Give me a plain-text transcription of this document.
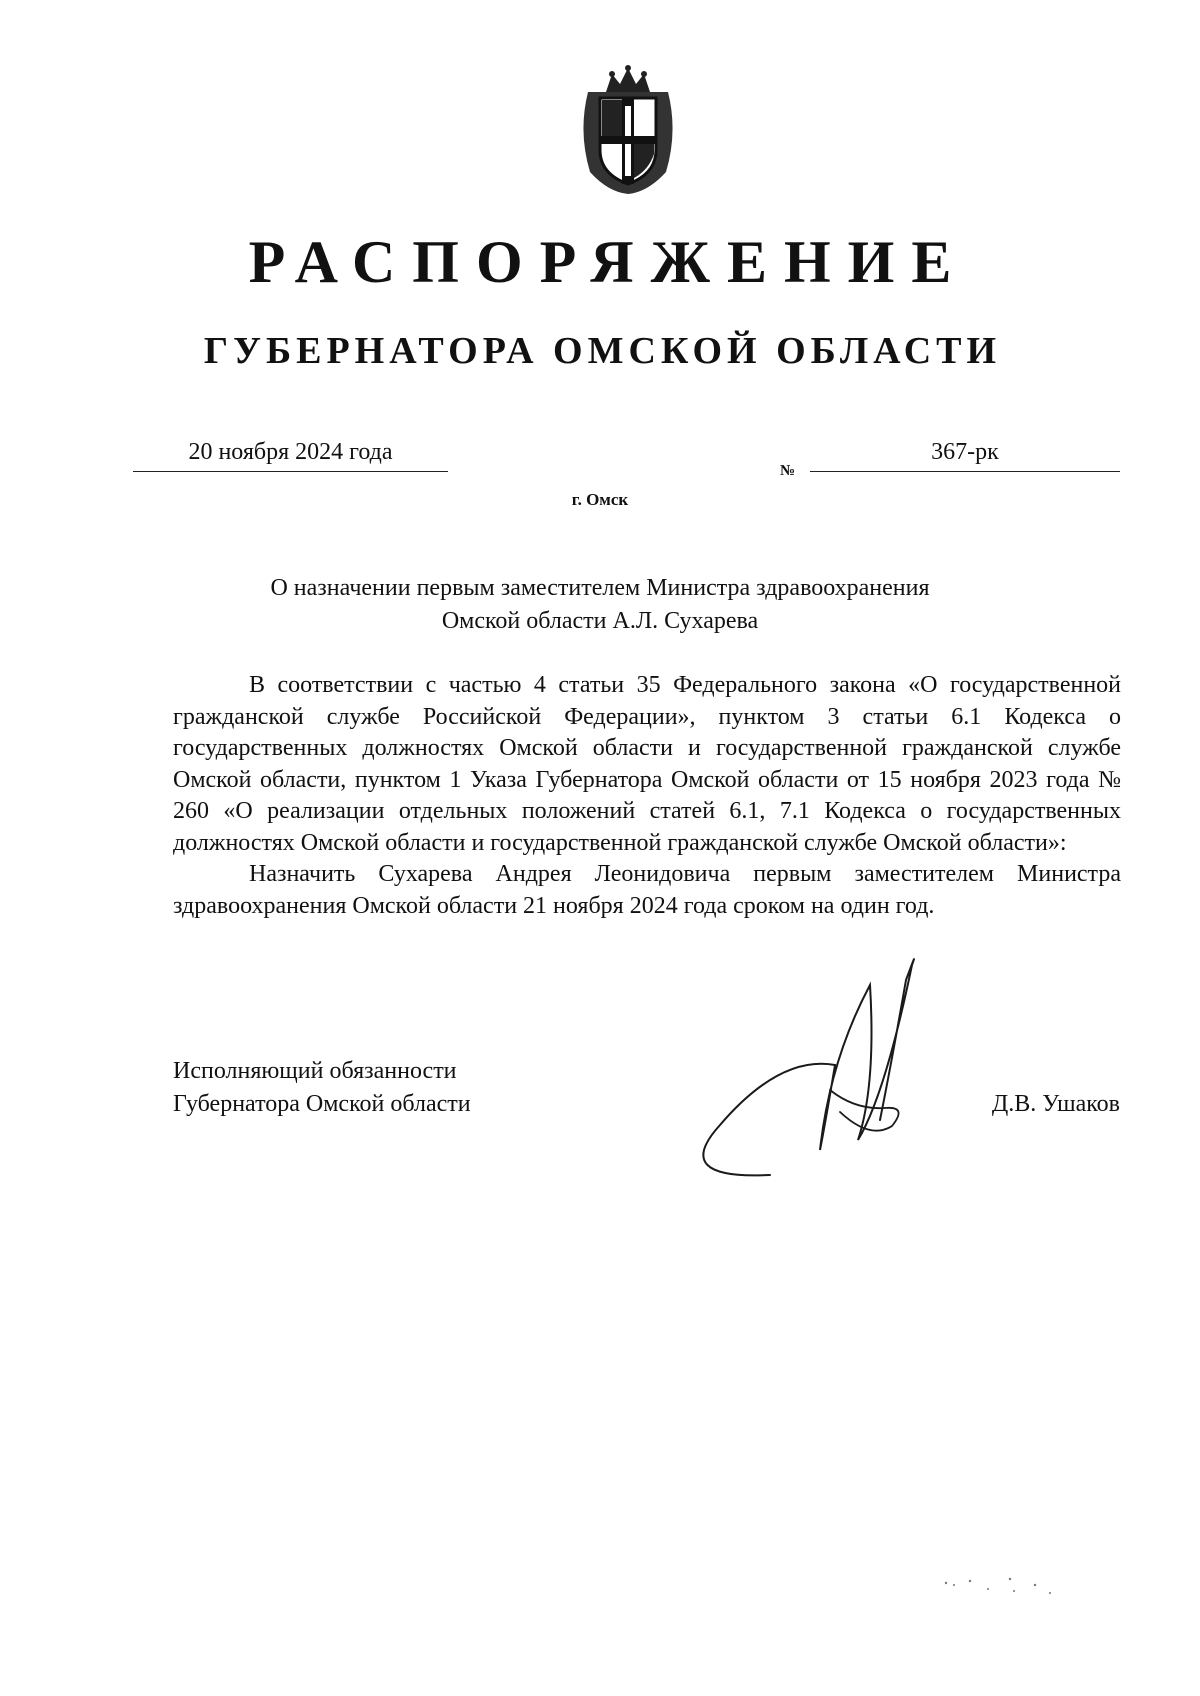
РАСПОРЯЖЕНИЕ
ГУБЕРНАТОРА ОМСКОЙ ОБЛАСТИ
20 ноября 2024 года
№
367-рк
г. Омск
О назначении первым заместителем Министра здравоохранения
Омской области А.Л. Сухарева

В соответствии с частью 4 статьи 35 Федерального закона «О государственной гражданской службе Российской Федерации», пунктом 3 статьи 6.1 Кодекса о государственных должностях Омской области и государственной гражданской службе Омской области, пунктом 1 Указа Губернатора Омской области от 15 ноября 2023 года № 260 «О реализации отдельных положений статей 6.1, 7.1 Кодекса о государственных должностях Омской области и государственной гражданской службе Омской области»:

Назначить Сухарева Андрея Леонидовича первым заместителем Министра здравоохранения Омской области 21 ноября 2024 года сроком на один год.

Исполняющий обязанности
Губернатора Омской области	Д.В. Ушаков
